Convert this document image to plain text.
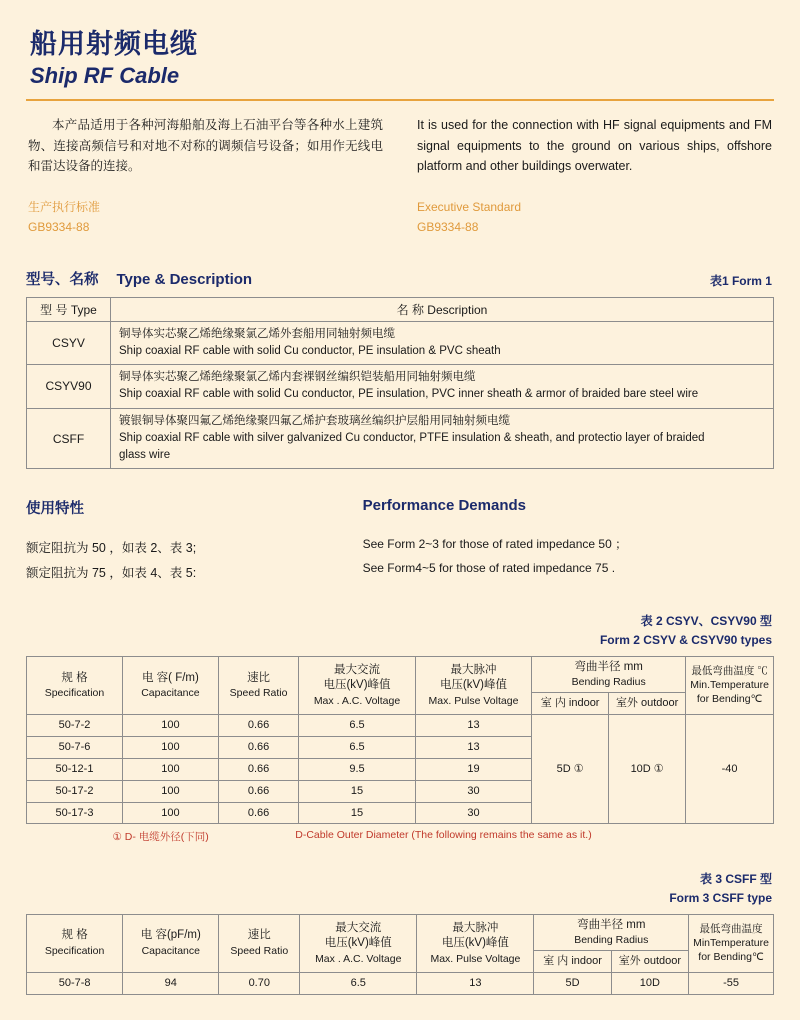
船用射频电缆
Ship RF Cable

本产品适用于各种河海船舶及海上石油平台等各种水上建筑物、连接高频信号和对地不对称的调频信号设备；如用作无线电和雷达设备的连接。

生产执行标准
GB9334-88

It is used for the connection with HF signal equipments and FM signal equipments to the ground on various ships, offshore platform and other buildings overwater.

Executive Standard
GB9334-88
型号、名称 Type & Description	表1 Form 1
型 号 Type	名 称 Description
CSYV	铜导体实芯聚乙烯绝缘聚氯乙烯外套船用同轴射频电缆
Ship coaxial RF cable with solid Cu conductor, PE insulation & PVC sheath

CSYV90	铜导体实芯聚乙烯绝缘聚氯乙烯内套裸钢丝编织铠装船用同轴射频电缆
Ship coaxial RF cable with solid Cu conductor, PE insulation, PVC inner sheath & armor of braided bare steel wire

CSFF	镀银铜导体聚四氟乙烯绝缘聚四氟乙烯护套玻璃丝编织护层船用同轴射频电缆
Ship coaxial RF cable with silver galvanized Cu conductor, PTFE insulation & sheath, and protectio layer of braided
glass wire
使用特性
额定阻抗为 50 ，如表 2、表 3;
额定阻抗为 75 ，如表 4、表 5:
Performance Demands
See Form 2~3 for those of rated impedance 50 ；
See Form4~5 for those of rated impedance 75 .
表 2 CSYV、CSYV90 型
Form 2 CSYV & CSYV90 types
规 格
Specification	电 容( F/m)
Capacitance	速比
Speed Ratio	最大交流
电压(kV)峰值
Max . A.C. Voltage	最大脉冲
电压(kV)峰值
Max. Pulse Voltage	弯曲半径 mm
Bending Radius		最低弯曲温度 ℃
Min.Temperature
for Bending℃

					室 内 indoor	室外 outdoor	
50-7-2	100	0.66	6.5	13	5D ①	10D ①	-40
50-7-6	100	0.66	6.5	13			
50-12-1	100	0.66	9.5	19			
50-17-2	100	0.66	15	30			
50-17-3	100	0.66	15	30			
① D- 电缆外径(下同)	D-Cable Outer Diameter (The following remains the same as it.)
表 3 CSFF 型
Form 3 CSFF type
规 格
Specification	电 容(pF/m)
Capacitance	速比
Speed Ratio	最大交流
电压(kV)峰值
Max . A.C. Voltage	最大脉冲
电压(kV)峰值
Max. Pulse Voltage	弯曲半径 mm
Bending Radius		最低弯曲温度
MinTemperature
for Bending℃

					室 内 indoor	室外 outdoor	
50-7-8	94	0.70	6.5	13	5D	10D	-55
